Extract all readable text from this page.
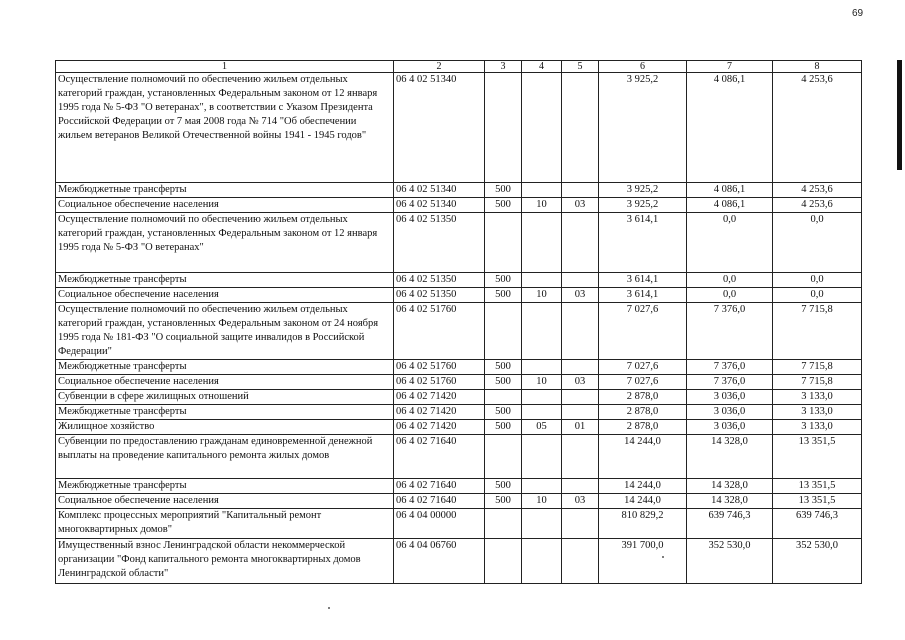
69
1	2	3	4	5	6	7	8
Осуществление полномочий по обеспечению жильем отдельных категорий граждан, установленных Федеральным законом от 12 января 1995 года № 5-ФЗ "О ветеранах", в соответствии с Указом Президента Российской Федерации от 7 мая 2008 года № 714 "Об обеспечении жильем ветеранов Великой Отечественной войны 1941 - 1945 годов"	06 4 02 51340				3 925,2	4 086,1	4 253,6
Межбюджетные трансферты	06 4 02 51340	500			3 925,2	4 086,1	4 253,6
Социальное обеспечение населения	06 4 02 51340	500	10	03	3 925,2	4 086,1	4 253,6
Осуществление полномочий по обеспечению жильем отдельных категорий граждан, установленных Федеральным законом от 12 января 1995 года № 5-ФЗ "О ветеранах"	06 4 02 51350				3 614,1	0,0	0,0
Межбюджетные трансферты	06 4 02 51350	500			3 614,1	0,0	0,0
Социальное обеспечение населения	06 4 02 51350	500	10	03	3 614,1	0,0	0,0
Осуществление полномочий по обеспечению жильем отдельных категорий граждан, установленных Федеральным законом от 24 ноября 1995 года № 181-ФЗ "О социальной защите инвалидов в Российской Федерации"	06 4 02 51760				7 027,6	7 376,0	7 715,8
Межбюджетные трансферты	06 4 02 51760	500			7 027,6	7 376,0	7 715,8
Социальное обеспечение населения	06 4 02 51760	500	10	03	7 027,6	7 376,0	7 715,8
Субвенции в сфере жилищных отношений	06 4 02 71420				2 878,0	3 036,0	3 133,0
Межбюджетные трансферты	06 4 02 71420	500			2 878,0	3 036,0	3 133,0
Жилищное хозяйство	06 4 02 71420	500	05	01	2 878,0	3 036,0	3 133,0
Субвенции по предоставлению гражданам единовременной денежной выплаты на проведение капитального ремонта жилых домов	06 4 02 71640				14 244,0	14 328,0	13 351,5
Межбюджетные трансферты	06 4 02 71640	500			14 244,0	14 328,0	13 351,5
Социальное обеспечение населения	06 4 02 71640	500	10	03	14 244,0	14 328,0	13 351,5
Комплекс процессных мероприятий "Капитальный ремонт многоквартирных домов"	06 4 04 00000				810 829,2	639 746,3	639 746,3
Имущественный взнос Ленинградской области некоммерческой организации "Фонд капитального ремонта многоквартирных домов Ленинградской области"	06 4 04 06760				391 700,0	352 530,0	352 530,0
